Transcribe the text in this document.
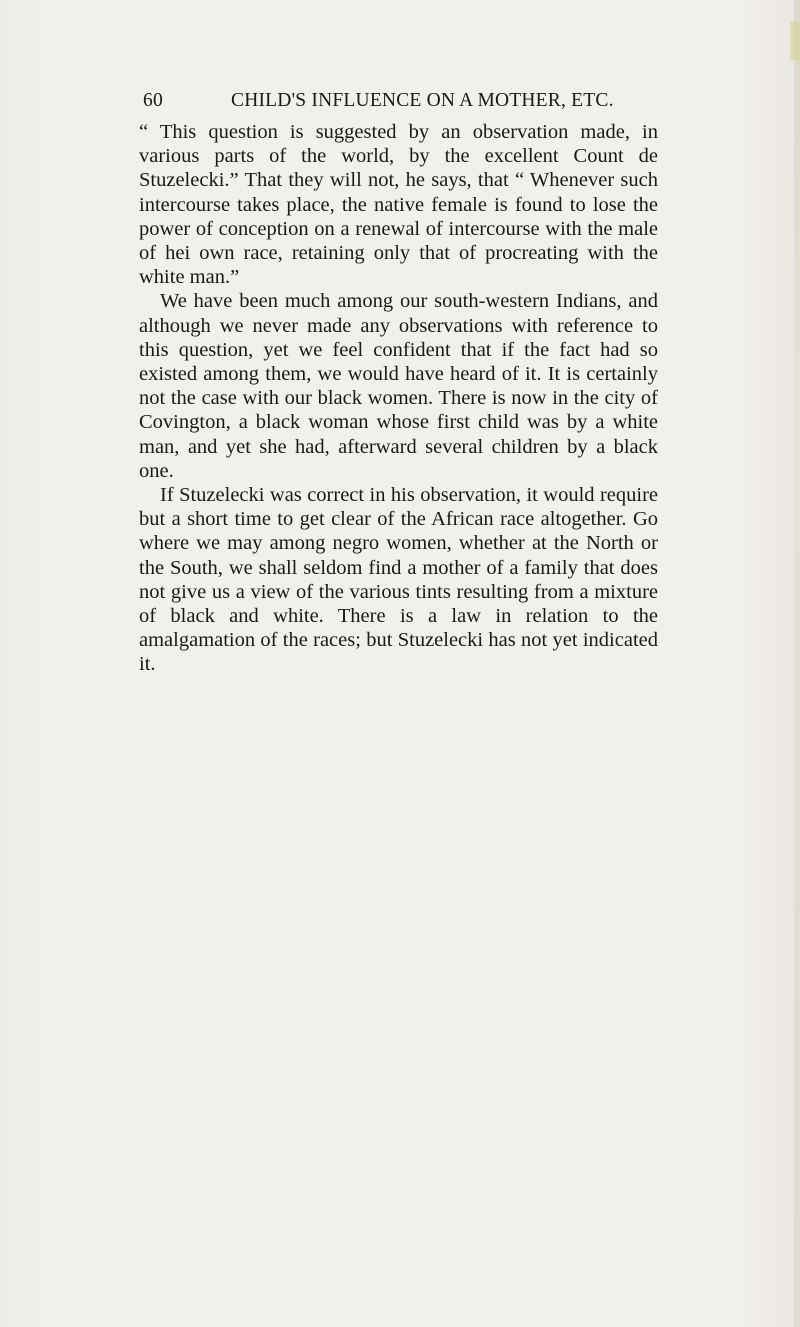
60	CHILD'S INFLUENCE ON A MOTHER, ETC.

“ This question is suggested by an observation made, in various parts of the world, by the excellent Count de Stuzelecki.” That they will not, he says, that “ Whenever such intercourse takes place, the native female is found to lose the power of conception on a renewal of intercourse with the male of hei own race, retaining only that of procreating with the white man.”

We have been much among our south-western Indians, and although we never made any observations with reference to this question, yet we feel confident that if the fact had so existed among them, we would have heard of it. It is certainly not the case with our black women. There is now in the city of Covington, a black woman whose first child was by a white man, and yet she had, afterward several children by a black one.

If Stuzelecki was correct in his observation, it would require but a short time to get clear of the African race altogether. Go where we may among negro women, whether at the North or the South, we shall seldom find a mother of a family that does not give us a view of the various tints resulting from a mixture of black and white. There is a law in relation to the amalgamation of the races; but Stuzelecki has not yet indicated it.
